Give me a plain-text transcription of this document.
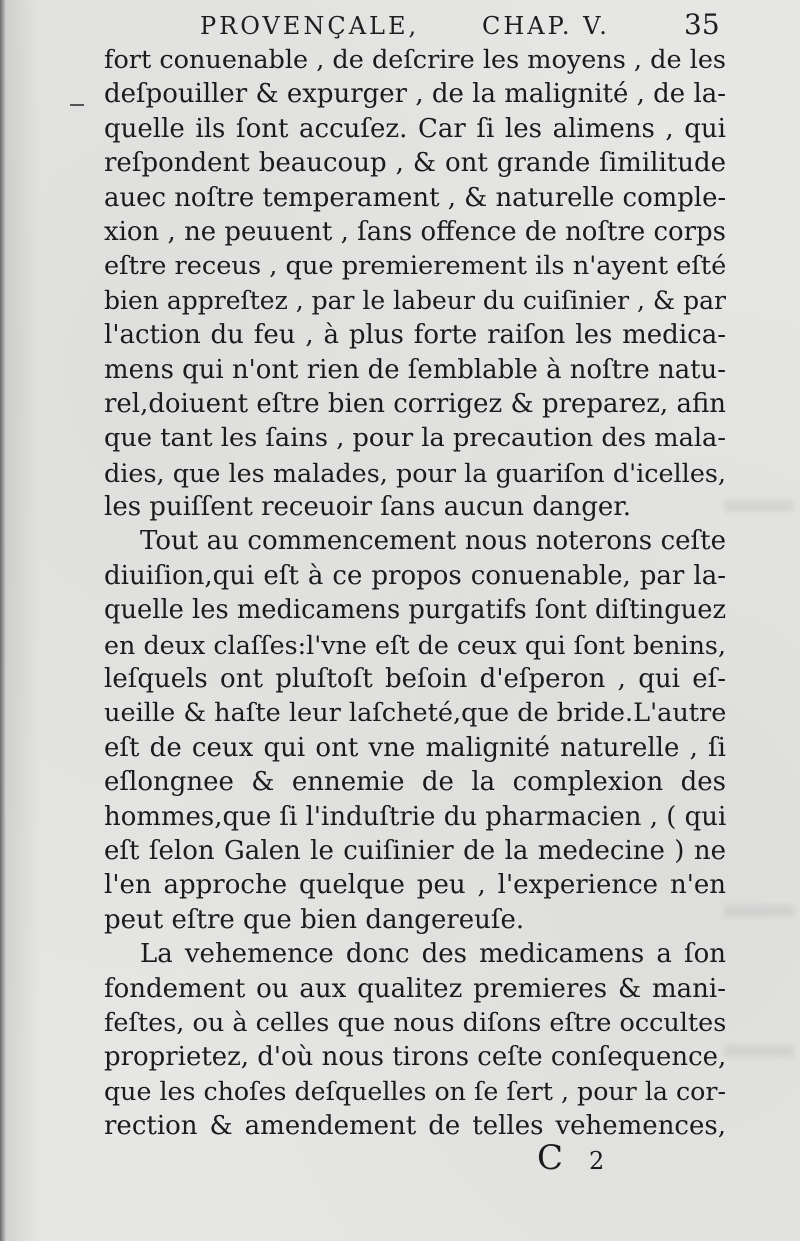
PROVENÇALE,	CHAP. V.	35
fort conuenable , de deſcrire les moyens , de les
deſpouiller & expurger , de la malignité , de la-
quelle ils ſont accuſez. Car ſi les alimens , qui
reſpondent beaucoup , & ont grande ſimilitude
auec noſtre temperament , & naturelle comple-
xion , ne peuuent , ſans offence de noſtre corps
eſtre receus , que premierement ils n'ayent eſté
bien appreſtez , par le labeur du cuiſinier , & par
l'action du feu , à plus forte raiſon les medica-
mens qui n'ont rien de ſemblable à noſtre natu-
rel,doiuent eſtre bien corrigez & preparez, afin
que tant les ſains , pour la precaution des mala-
dies, que les malades, pour la guariſon d'icelles,
les puiſſent receuoir ſans aucun danger.
Tout au commencement nous noterons ceſte
diuiſion,qui eſt à ce propos conuenable, par la-
quelle les medicamens purgatifs ſont diſtinguez
en deux claſſes:l'vne eſt de ceux qui ſont benins,
leſquels ont pluſtoſt beſoin d'eſperon , qui eſ-
ueille & haſte leur laſcheté,que de bride.L'autre
eſt de ceux qui ont vne malignité naturelle , ſi
eſlongnee & ennemie de la complexion des
hommes,que ſi l'induſtrie du pharmacien , ( qui
eſt ſelon Galen le cuiſinier de la medecine ) ne
l'en approche quelque peu , l'experience n'en
peut eſtre que bien dangereuſe.
La vehemence donc des medicamens a ſon
fondement ou aux qualitez premieres & mani-
feſtes, ou à celles que nous diſons eſtre occultes
proprietez, d'où nous tirons ceſte conſequence,
que les choſes deſquelles on ſe ſert , pour la cor-
rection & amendement de telles vehemences,
C 2
